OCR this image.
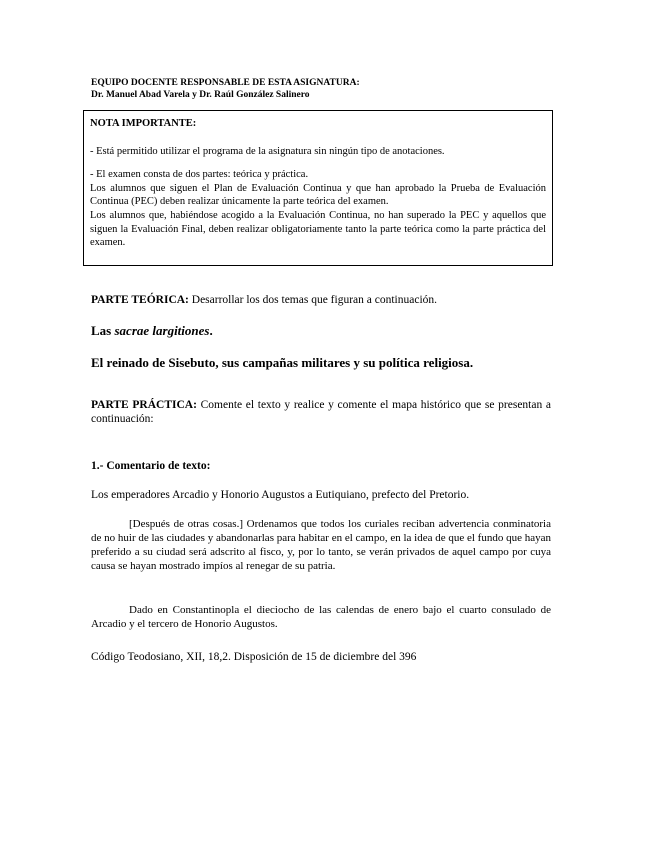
EQUIPO DOCENTE RESPONSABLE DE ESTA ASIGNATURA:
Dr. Manuel Abad Varela y Dr. Raúl González Salinero
NOTA IMPORTANTE:

- Está permitido utilizar el programa de la asignatura sin ningún tipo de anotaciones.

- El examen consta de dos partes: teórica y práctica.

Los alumnos que siguen el Plan de Evaluación Continua y que han aprobado la Prueba de Evaluación Continua (PEC) deben realizar únicamente la parte teórica del examen.

Los alumnos que, habiéndose acogido a la Evaluación Continua, no han superado la PEC y aquellos que siguen la Evaluación Final, deben realizar obligatoriamente tanto la parte teórica como la parte práctica del examen.

PARTE TEÓRICA: Desarrollar los dos temas que figuran a continuación.
Las sacrae largitiones.
El reinado de Sisebuto, sus campañas militares y su política religiosa.
PARTE PRÁCTICA: Comente el texto y realice y comente el mapa histórico que se presentan a continuación:
1.- Comentario de texto:
Los emperadores Arcadio y Honorio Augustos a Eutiquiano, prefecto del Pretorio.
[Después de otras cosas.] Ordenamos que todos los curiales reciban advertencia conminatoria de no huir de las ciudades y abandonarlas para habitar en el campo, en la idea de que el fundo que hayan preferido a su ciudad será adscrito al fisco, y, por lo tanto, se verán privados de aquel campo por cuya causa se hayan mostrado impíos al renegar de su patria.
Dado en Constantinopla el dieciocho de las calendas de enero bajo el cuarto consulado de Arcadio y el tercero de Honorio Augustos.
Código Teodosiano, XII, 18,2. Disposición de 15 de diciembre del 396
